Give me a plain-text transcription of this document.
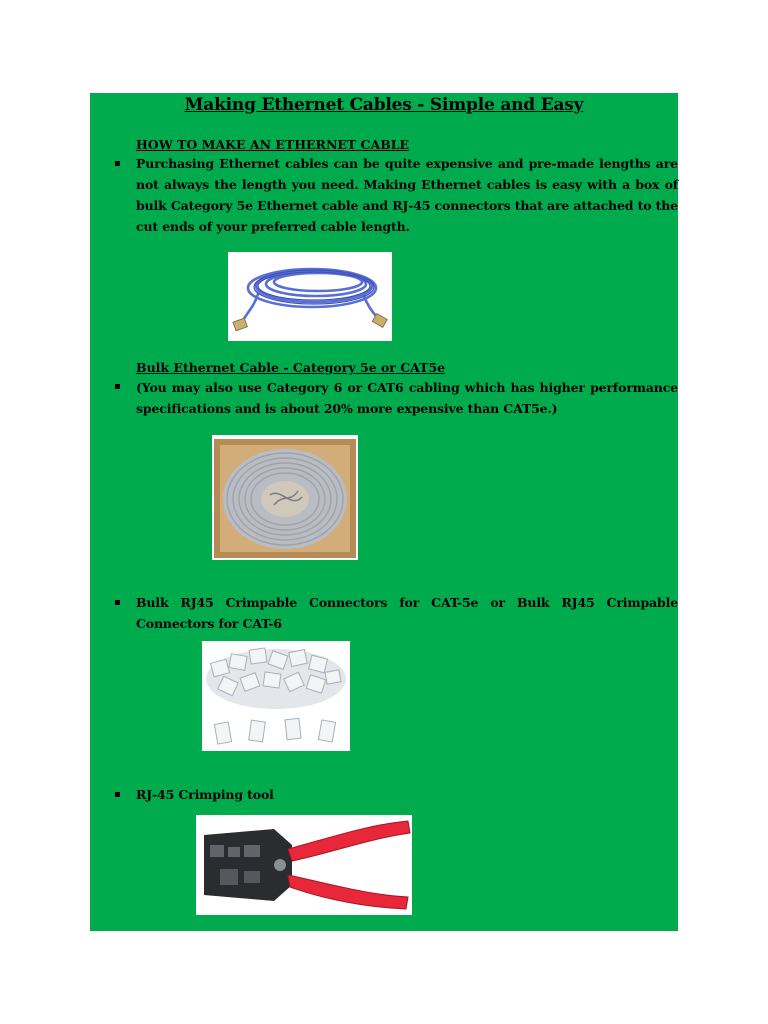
Making Ethernet Cables - Simple and Easy
HOW TO MAKE AN ETHERNET CABLE
▪ Purchasing Ethernet cables can be quite expensive and pre-made lengths are not always the length you need. Making Ethernet cables is easy with a box of bulk Category 5e Ethernet cable and RJ-45 connectors that are attached to the cut ends of your preferred cable length.
Bulk Ethernet Cable - Category 5e or CAT5e
▪ (You may also use Category 6 or CAT6 cabling which has higher performance specifications and is about 20% more expensive than CAT5e.)
▪ Bulk RJ45 Crimpable Connectors for CAT-5e or Bulk RJ45 Crimpable Connectors for CAT-6
▪ RJ-45 Crimping tool
